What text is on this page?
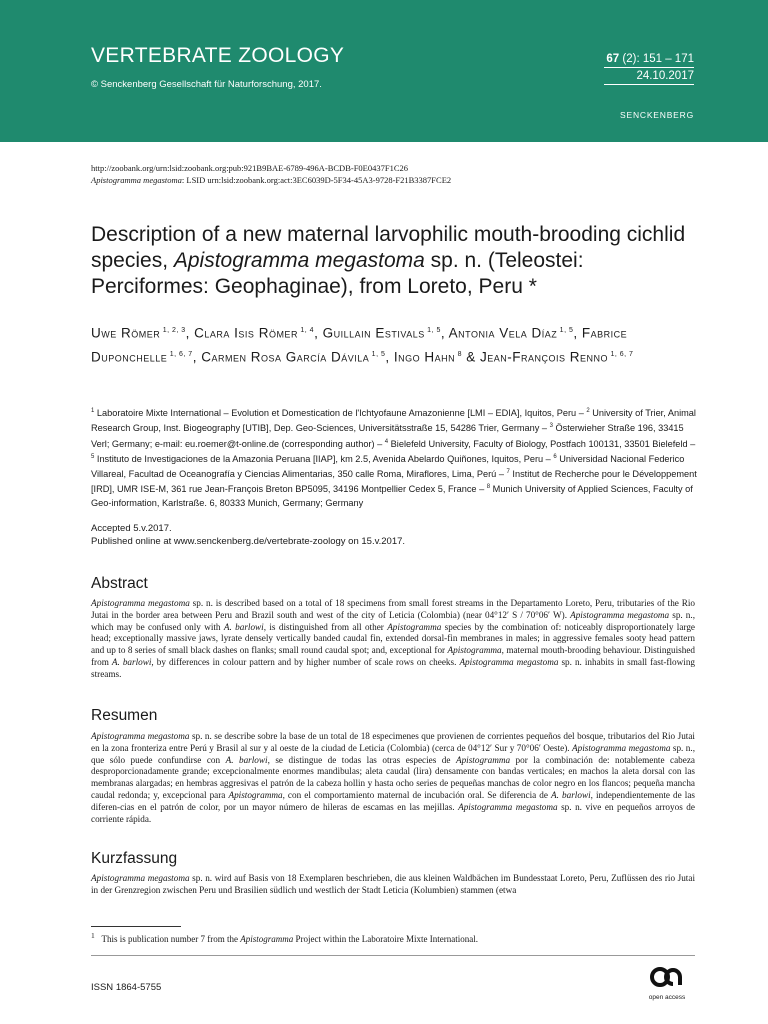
VERTEBRATE ZOOLOGY
© Senckenberg Gesellschaft für Naturforschung, 2017.
67 (2): 151 – 171
24.10.2017
SENCKENBERG
http://zoobank.org/urn:lsid:zoobank.org:pub:921B9BAE-6789-496A-BCDB-F0E0437F1C26
Apistogramma megastoma: LSID urn:lsid:zoobank.org:act:3EC6039D-5F34-45A3-9728-F21B3387FCE2
Description of a new maternal larvophilic mouth-brooding cichlid species, Apistogramma megastoma sp. n. (Teleostei: Perciformes: Geophaginae), from Loreto, Peru *
Uwe Römer $^{1, 2, 3}$, Clara Isis Römer $^{1, 4}$, Guillain Estivals $^{1, 5}$, Antonia Vela Díaz $^{1, 5}$, Fabrice Duponchelle $^{1, 6, 7}$, Carmen Rosa García Dávila $^{1, 5}$, Ingo Hahn $^8$ & Jean-François Renno $^{1, 6, 7}$
$^1$ Laboratoire Mixte International – Evolution et Domestication de l'Ichtyofaune Amazonienne [LMI – EDIA], Iquitos, Peru – $^2$ University of Trier, Animal Research Group, Inst. Biogeography [UTIB], Dep. Geo-Sciences, Universitätsstraße 15, 54286 Trier, Germany – $^3$ Österwieher Straße 196, 33415 Verl; Germany; e-mail: eu.roemer@t-online.de (corresponding author) – $^4$ Bielefeld University, Faculty of Biology, Postfach 100131, 33501 Bielefeld – $^5$ Instituto de Investigaciones de la Amazonia Peruana [IIAP], km 2.5, Avenida Abelardo Quiñones, Iquitos, Peru – $^6$ Universidad Nacional Federico Villareal, Facultad de Oceanografía y Ciencias Alimentarias, 350 calle Roma, Miraflores, Lima, Perú – $^7$ Institut de Recherche pour le Développement [IRD], UMR ISE-M, 361 rue Jean-François Breton BP5095, 34196 Montpellier Cedex 5, France – $^8$ Munich University of Applied Sciences, Faculty of Geo-information, Karlstraße. 6, 80333 Munich, Germany; Germany
Accepted 5.v.2017.
Published online at www.senckenberg.de/vertebrate-zoology on 15.v.2017.
Abstract
Apistogramma megastoma sp. n. is described based on a total of 18 specimens from small forest streams in the Departamento Loreto, Peru, tributaries of the Rio Jutai in the border area between Peru and Brazil south and west of the city of Leticia (Colombia) (near 04°12′ S / 70°06′ W). Apistogramma megastoma sp. n., which may be confused only with A. barlowi, is distinguished from all other Apistogramma species by the combination of: noticeably disproportionately large head; exceptionally massive jaws, lyrate densely vertically banded caudal fin, extended dorsal-fin membranes in males; in aggressive females sooty head pattern and up to 8 series of small black dashes on flanks; small round caudal spot; and, exceptional for Apistogramma, maternal mouth-brooding behaviour. Distinguished from A. barlowi, by differences in colour pattern and by higher number of scale rows on cheeks. Apistogramma megastoma sp. n. inhabits in small fast-flowing streams.
Resumen
Apistogramma megastoma sp. n. se describe sobre la base de un total de 18 especimenes que provienen de corrientes pequeños del bosque, tributarios del Rio Jutai en la zona fronteriza entre Perú y Brasil al sur y al oeste de la ciudad de Leticia (Colombia) (cerca de 04°12′ Sur y 70°06′ Oeste). Apistogramma megastoma sp. n., que sólo puede confundirse con A. barlowi, se distingue de todas las otras especies de Apistogramma por la combinación de: notablemente cabeza desproporcionadamente grande; excepcionalmente enormes mandibulas; aleta caudal (lira) densamente con bandas verticales; en machos la aleta dorsal con las membranas alargadas; en hembras aggresivas el patrón de la cabeza hollin y hasta ocho series de pequeñas manchas de color negro en los flancos; pequeña mancha caudal redonda; y, excepcional para Apistogramma, con el comportamiento maternal de incubación oral. Se diferencia de A. barlowi, independientemente de las diferen-cias en el patrón de color, por un mayor número de hileras de escamas en las mejillas. Apistogramma megastoma sp. n. vive en pequeños arroyos de corriente rápida.
Kurzfassung
Apistogramma megastoma sp. n. wird auf Basis von 18 Exemplaren beschrieben, die aus kleinen Waldbächen im Bundesstaat Loreto, Peru, Zuflüssen des rio Jutai in der Grenzregion zwischen Peru und Brasilien südlich und westlich der Stadt Leticia (Kolumbien) stammen (etwa
$^1$ This is publication number 7 from the Apistogramma Project within the Laboratoire Mixte International.
ISSN 1864-5755
open access
